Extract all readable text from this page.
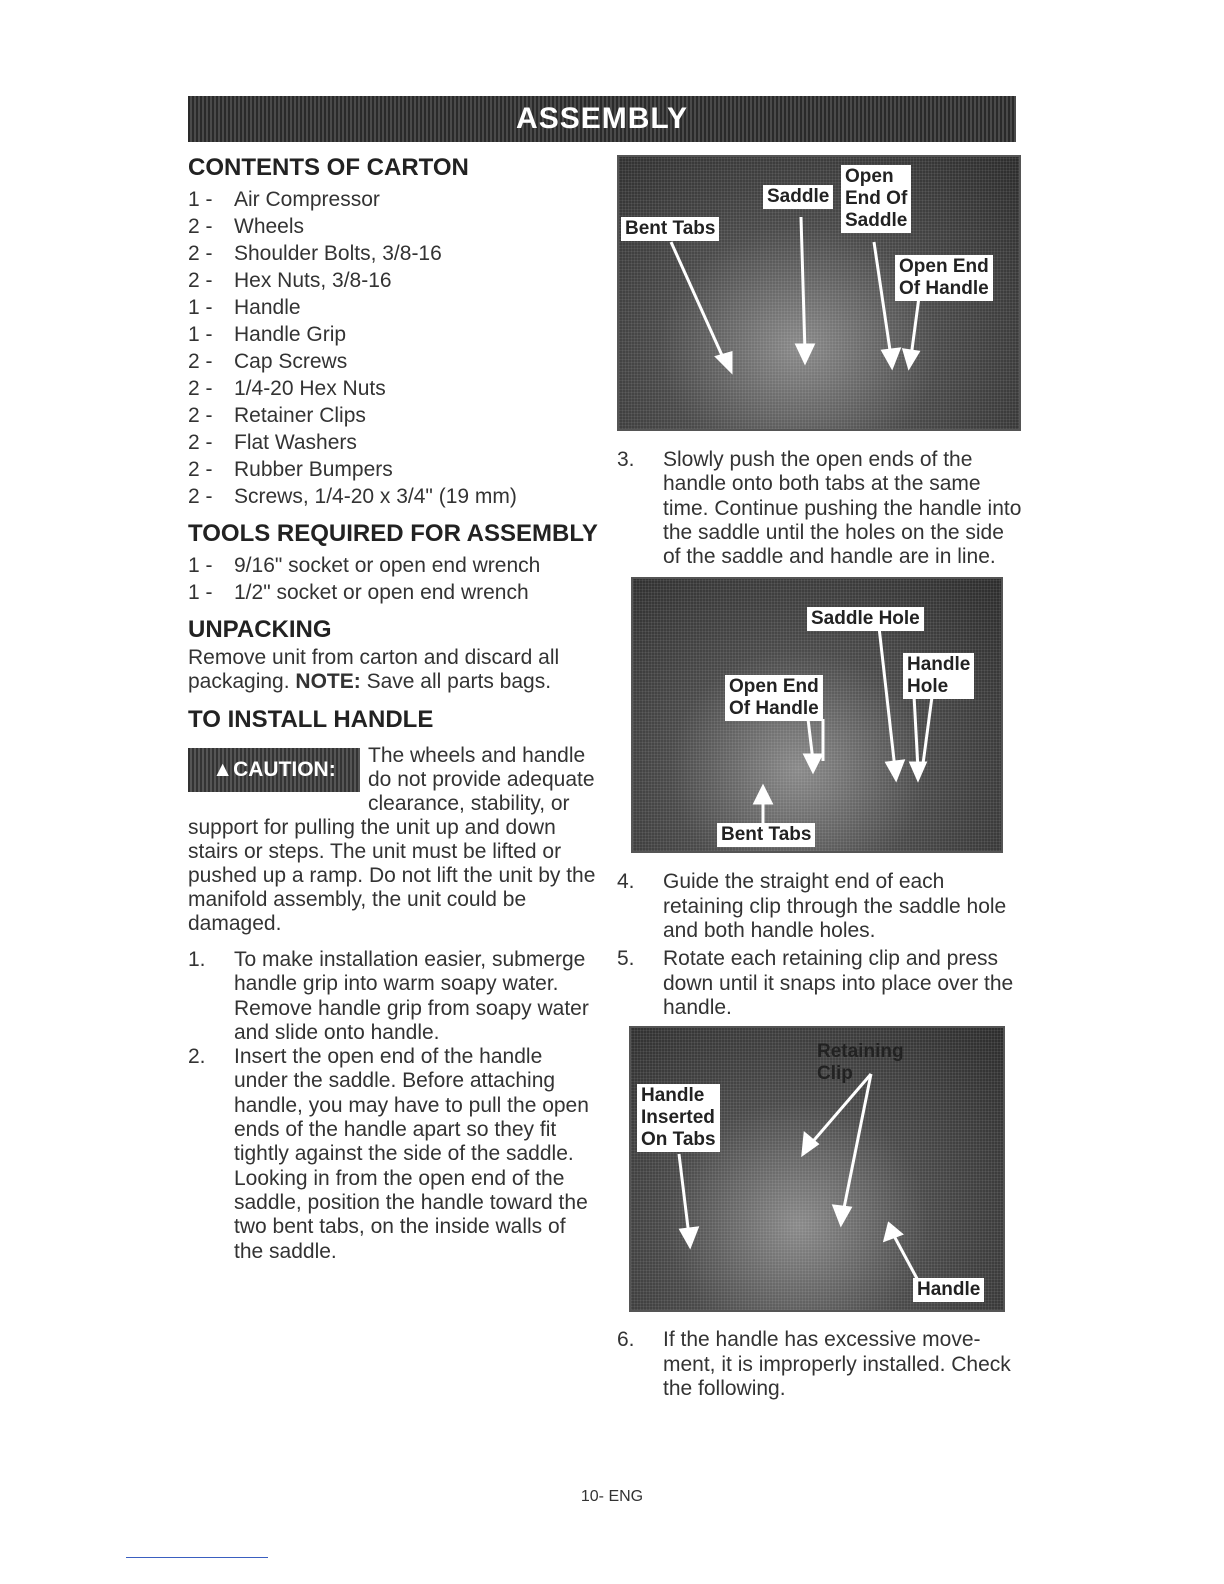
ASSEMBLY
CONTENTS OF CARTON
1 -	Air Compressor
2 -	Wheels
2 -	Shoulder Bolts, 3/8-16
2 -	Hex Nuts, 3/8-16
1 -	Handle
1 -	Handle Grip
2 -	Cap Screws
2 -	1/4-20 Hex Nuts
2 -	Retainer Clips
2 -	Flat Washers
2 -	Rubber Bumpers
2 -	Screws, 1/4-20 x 3/4" (19 mm)
TOOLS REQUIRED FOR ASSEMBLY
1 -	9/16" socket or open end wrench
1 -	1/2" socket or open end wrench
UNPACKING

Remove unit from carton and discard all packaging. NOTE: Save all parts bags.

TO INSTALL HANDLE
▲CAUTION:
The wheels and handle do not provide adequate clearance, stability, or support for pulling the unit up and down stairs or steps. The unit must be lifted or pushed up a ramp. Do not lift the unit by the manifold assembly, the unit could be damaged.
1.	To make installation easier, submerge handle grip into warm soapy water. Remove handle grip from soapy water and slide onto handle.
2.	Insert the open end of the handle under the saddle. Before attaching handle, you may have to pull the open ends of the handle apart so they fit tightly against the side of the saddle. Looking in from the open end of the saddle, position the handle toward the two bent tabs, on the inside walls of the saddle.
Bent Tabs
Saddle
Open
End Of
Saddle
Open End
Of Handle
3.	Slowly push the open ends of the handle onto both tabs at the same time. Continue pushing the handle into the saddle until the holes on the side of the saddle and handle are in line.
Saddle Hole
Handle
Hole
Open End
Of Handle
Bent Tabs
4.	Guide the straight end of each retaining clip through the saddle hole and both handle holes.
5.	Rotate each retaining clip and press down until it snaps into place over the handle.
Retaining
Clip
Handle
Inserted
On Tabs
Handle
6.	If the handle has excessive move-ment, it is improperly installed. Check the following.
10- ENG
